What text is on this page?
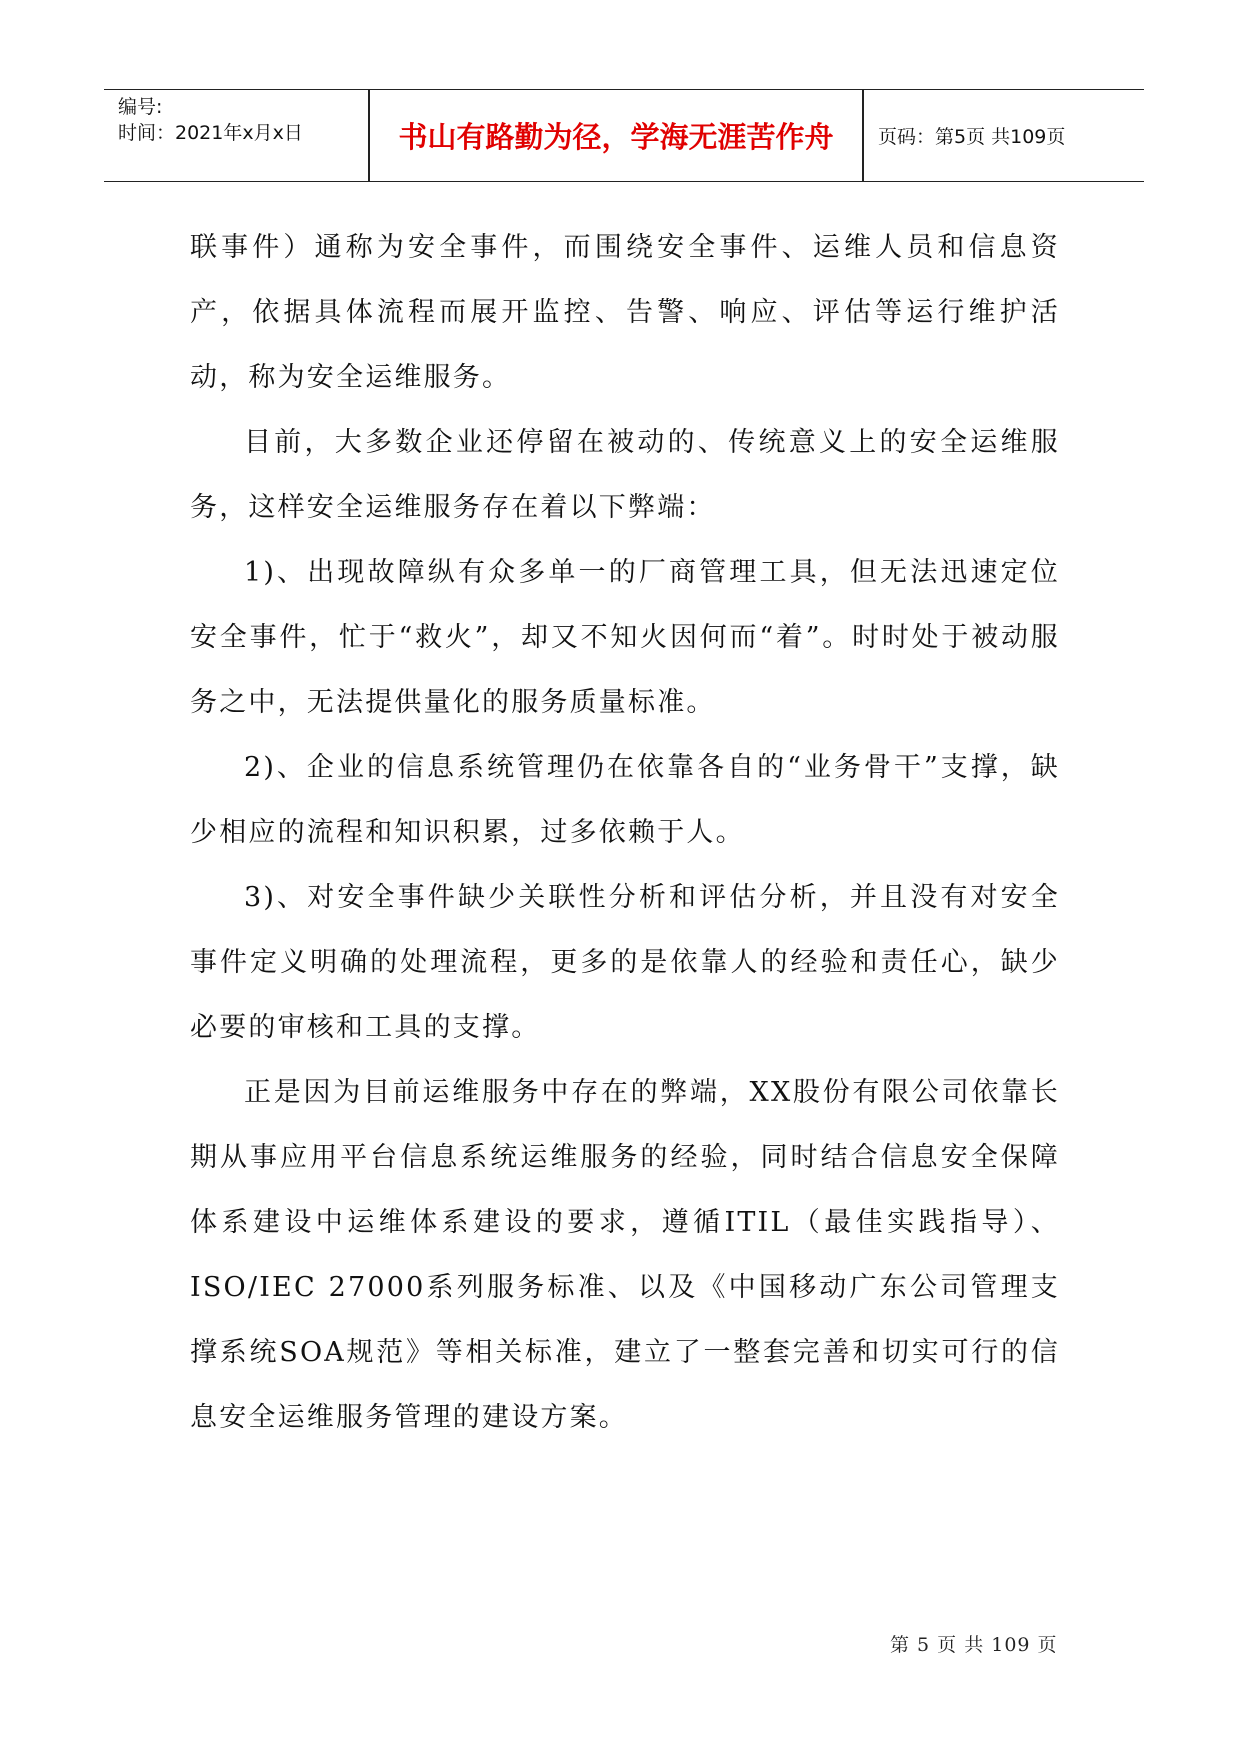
编号:
时间：2021年x月x日	书山有路勤为径，学海无涯苦作舟	页码：第5页 共109页

联事件）通称为安全事件，而围绕安全事件、运维人员和信息资产，依据具体流程而展开监控、告警、响应、评估等运行维护活动，称为安全运维服务。

目前，大多数企业还停留在被动的、传统意义上的安全运维服务，这样安全运维服务存在着以下弊端：

1)、出现故障纵有众多单一的厂商管理工具，但无法迅速定位安全事件，忙于“救火”，却又不知火因何而“着”。时时处于被动服务之中，无法提供量化的服务质量标准。

2)、企业的信息系统管理仍在依靠各自的“业务骨干”支撑，缺少相应的流程和知识积累，过多依赖于人。

3)、对安全事件缺少关联性分析和评估分析，并且没有对安全事件定义明确的处理流程，更多的是依靠人的经验和责任心，缺少必要的审核和工具的支撑。

正是因为目前运维服务中存在的弊端，XX股份有限公司依靠长期从事应用平台信息系统运维服务的经验，同时结合信息安全保障体系建设中运维体系建设的要求，遵循ITIL（最佳实践指导）、ISO/IEC 27000系列服务标准、以及《中国移动广东公司管理支撑系统SOA规范》等相关标准，建立了一整套完善和切实可行的信息安全运维服务管理的建设方案。

第 5 页 共 109 页
